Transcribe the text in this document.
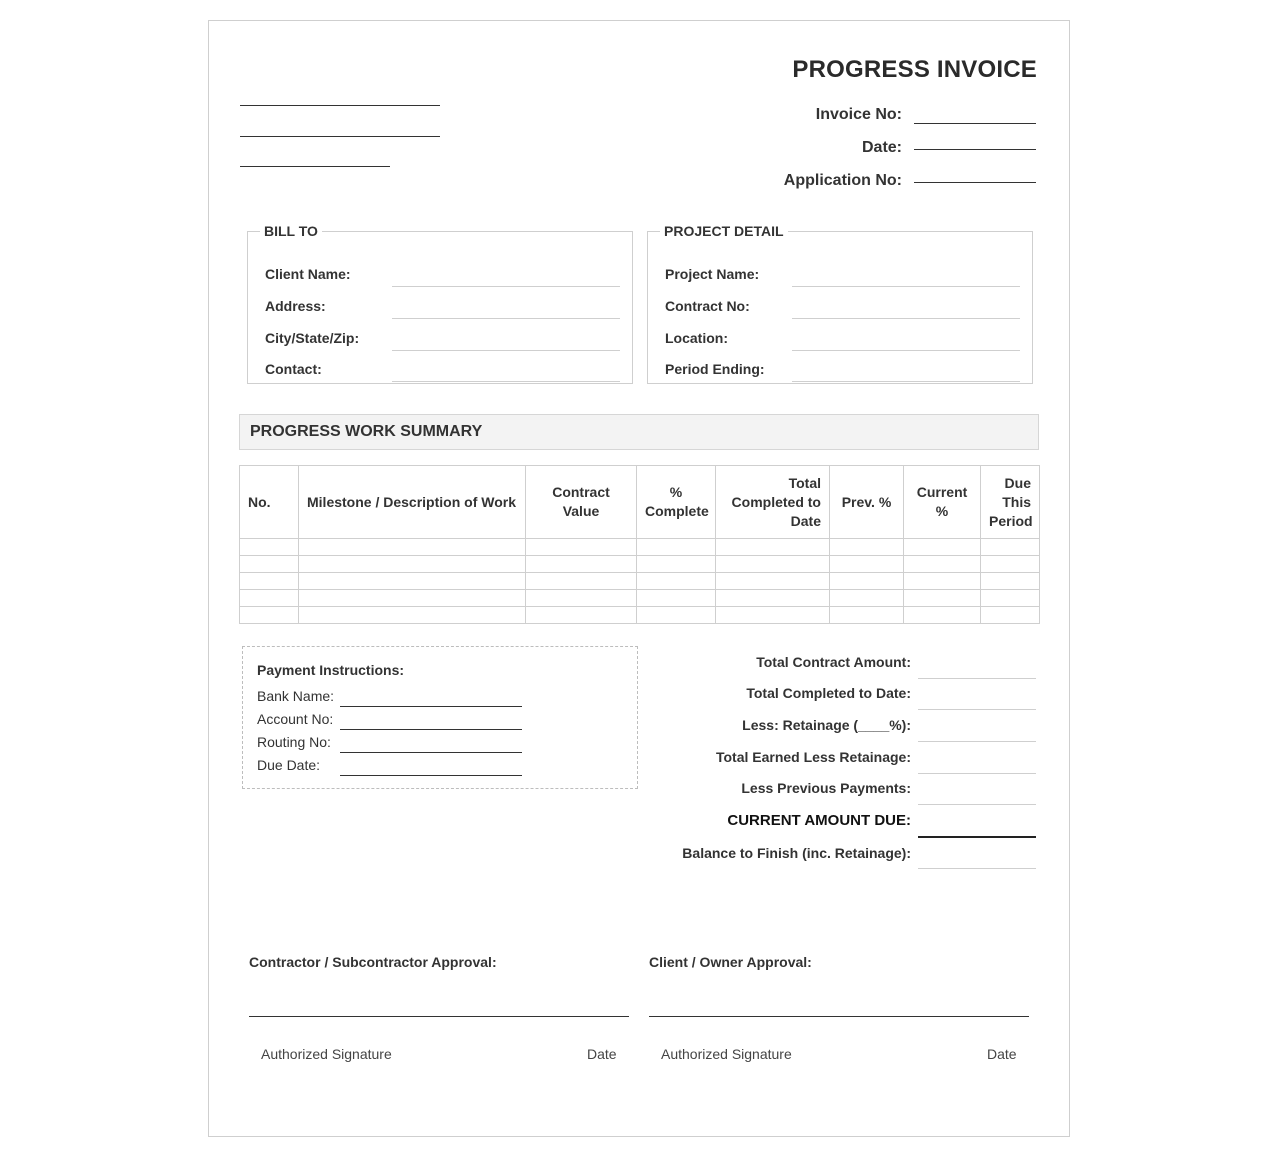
PROGRESS INVOICE
Invoice No:
Date:
Application No:
BILL TO
Client Name:
Address:
City/State/Zip:
Contact:
PROJECT DETAIL
Project Name:
Contract No:
Location:
Period Ending:
PROGRESS WORK SUMMARY
No.	Milestone / Description of Work	Contract Value	% Complete	Total Completed to Date	Prev. %	Current %	Due This Period

Payment Instructions:
Bank Name:
Account No:
Routing No:
Due Date:
Total Contract Amount:
Total Completed to Date:
Less: Retainage (____%):
Total Earned Less Retainage:
Less Previous Payments:
CURRENT AMOUNT DUE:
Balance to Finish (inc. Retainage):
Contractor / Subcontractor Approval:
Authorized Signature	Date
Client / Owner Approval:
Authorized Signature	Date
